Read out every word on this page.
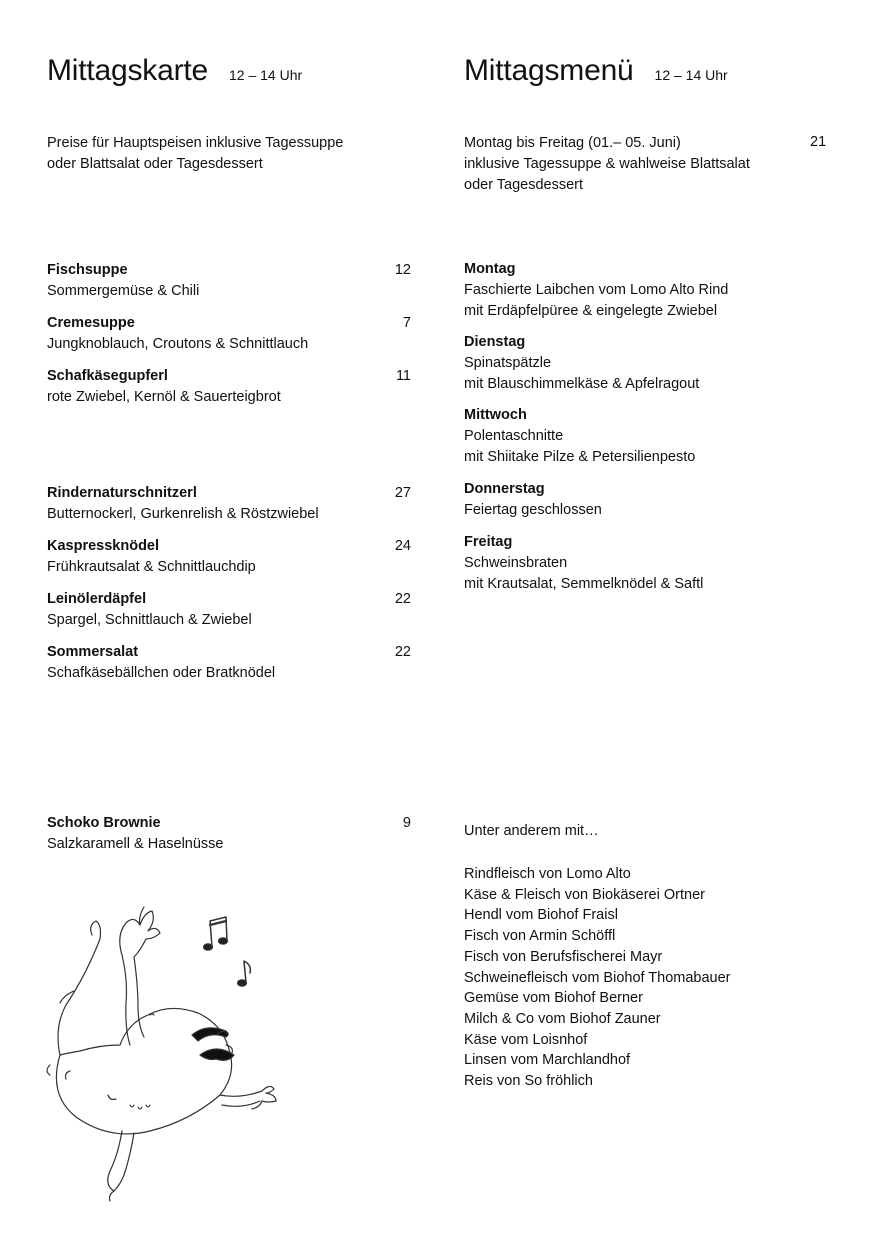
Mittagskarte 12 – 14 Uhr
Preise für Hauptspeisen inklusive Tagessuppe
oder Blattsalat oder Tagesdessert
Fischsuppe	12
Sommergemüse & Chili
Cremesuppe	7
Jungknoblauch, Croutons & Schnittlauch
Schafkäsegupferl	11
rote Zwiebel, Kernöl & Sauerteigbrot
Rindernaturschnitzerl	27
Butternockerl, Gurkenrelish & Röstzwiebel
Kaspressknödel	24
Frühkrautsalat & Schnittlauchdip
Leinölerdäpfel	22
Spargel, Schnittlauch & Zwiebel
Sommersalat	22
Schafkäsebällchen oder Bratknödel
Schoko Brownie	9
Salzkaramell & Haselnüsse
Mittagsmenü 12 – 14 Uhr
Montag bis Freitag (01.– 05. Juni)
inklusive Tagessuppe & wahlweise Blattsalat
oder Tagesdessert
21
Montag
Faschierte Laibchen vom Lomo Alto Rind
mit Erdäpfelpüree & eingelegte Zwiebel
Dienstag
Spinatspätzle
mit Blauschimmelkäse & Apfelragout
Mittwoch
Polentaschnitte
mit Shiitake Pilze & Petersilienpesto
Donnerstag
Feiertag geschlossen
Freitag
Schweinsbraten
mit Krautsalat, Semmelknödel & Saftl
Unter anderem mit…
Rindfleisch von Lomo Alto
Käse & Fleisch von Biokäserei Ortner
Hendl vom Biohof Fraisl
Fisch von Armin Schöffl
Fisch von Berufsfischerei Mayr
Schweinefleisch vom Biohof Thomabauer
Gemüse vom Biohof Berner
Milch & Co vom Biohof Zauner
Käse vom Loisnhof
Linsen vom Marchlandhof
Reis von So fröhlich
